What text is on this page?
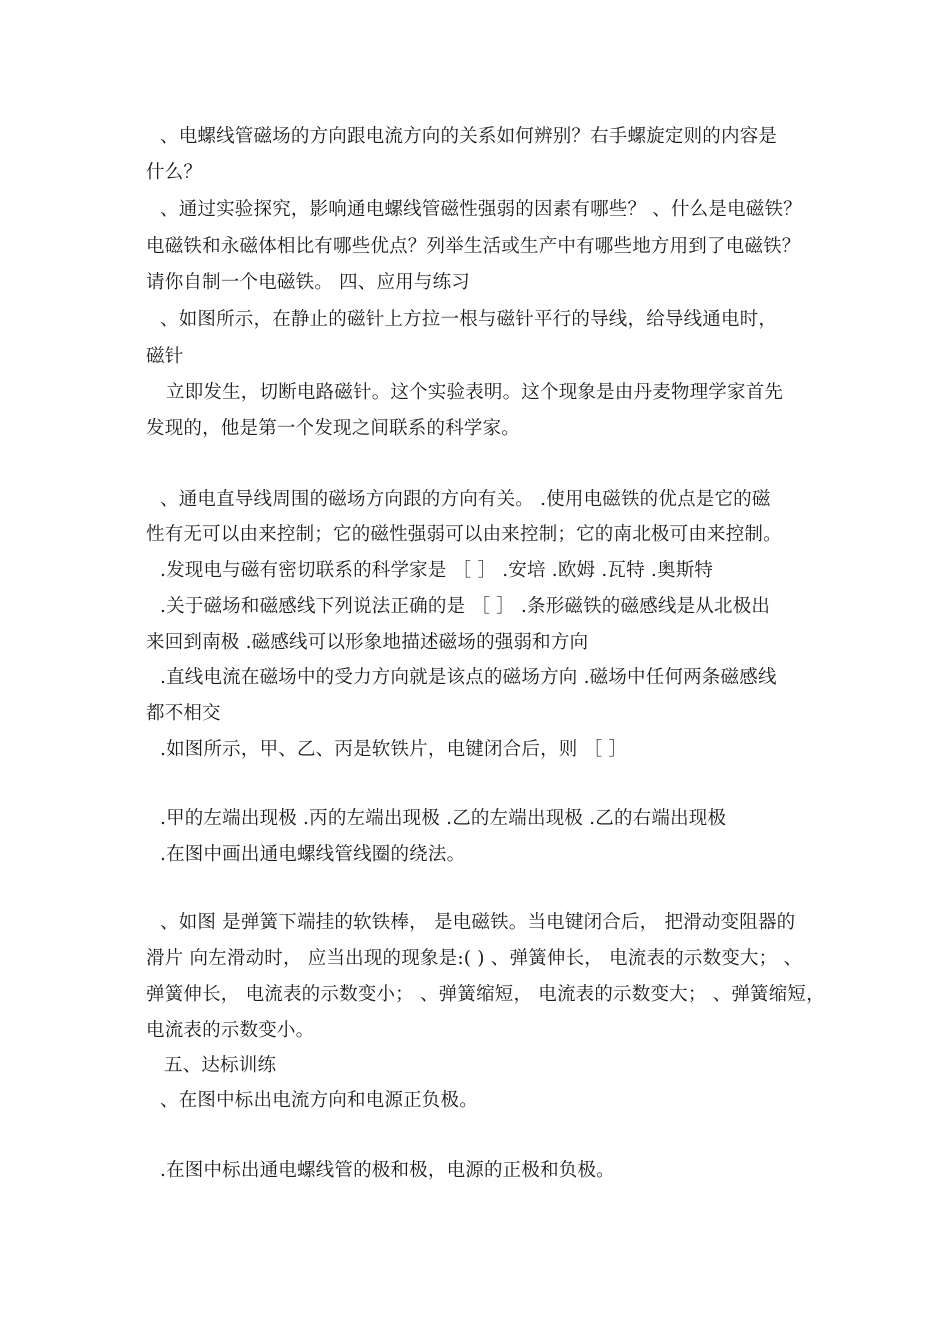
、电螺线管磁场的方向跟电流方向的关系如何辨别？右手螺旋定则的内容是
什么？
、通过实验探究，影响通电螺线管磁性强弱的因素有哪些？ 、什么是电磁铁？
电磁铁和永磁体相比有哪些优点？列举生活或生产中有哪些地方用到了电磁铁？
请你自制一个电磁铁。 四、应用与练习
、如图所示，在静止的磁针上方拉一根与磁针平行的导线，给导线通电时，
磁针
立即发生，切断电路磁针。这个实验表明。这个现象是由丹麦物理学家首先
发现的，他是第一个发现之间联系的科学家。
、通电直导线周围的磁场方向跟的方向有关。 .使用电磁铁的优点是它的磁
性有无可以由来控制；它的磁性强弱可以由来控制；它的南北极可由来控制。
.发现电与磁有密切联系的科学家是 ［ ］ .安培 .欧姆 .瓦特 .奥斯特
.关于磁场和磁感线下列说法正确的是 ［ ］ .条形磁铁的磁感线是从北极出
来回到南极 .磁感线可以形象地描述磁场的强弱和方向
.直线电流在磁场中的受力方向就是该点的磁场方向 .磁场中任何两条磁感线
都不相交
.如图所示，甲、乙、丙是软铁片，电键闭合后，则 ［ ］
.甲的左端出现极 .丙的左端出现极 .乙的左端出现极 .乙的右端出现极
.在图中画出通电螺线管线圈的绕法。
、如图 是弹簧下端挂的软铁棒， 是电磁铁。当电键闭合后， 把滑动变阻器的
滑片 向左滑动时， 应当出现的现象是:( ) 、弹簧伸长， 电流表的示数变大； 、
弹簧伸长， 电流表的示数变小； 、弹簧缩短， 电流表的示数变大； 、弹簧缩短，
电流表的示数变小。
五、达标训练
、在图中标出电流方向和电源正负极。
.在图中标出通电螺线管的极和极，电源的正极和负极。
